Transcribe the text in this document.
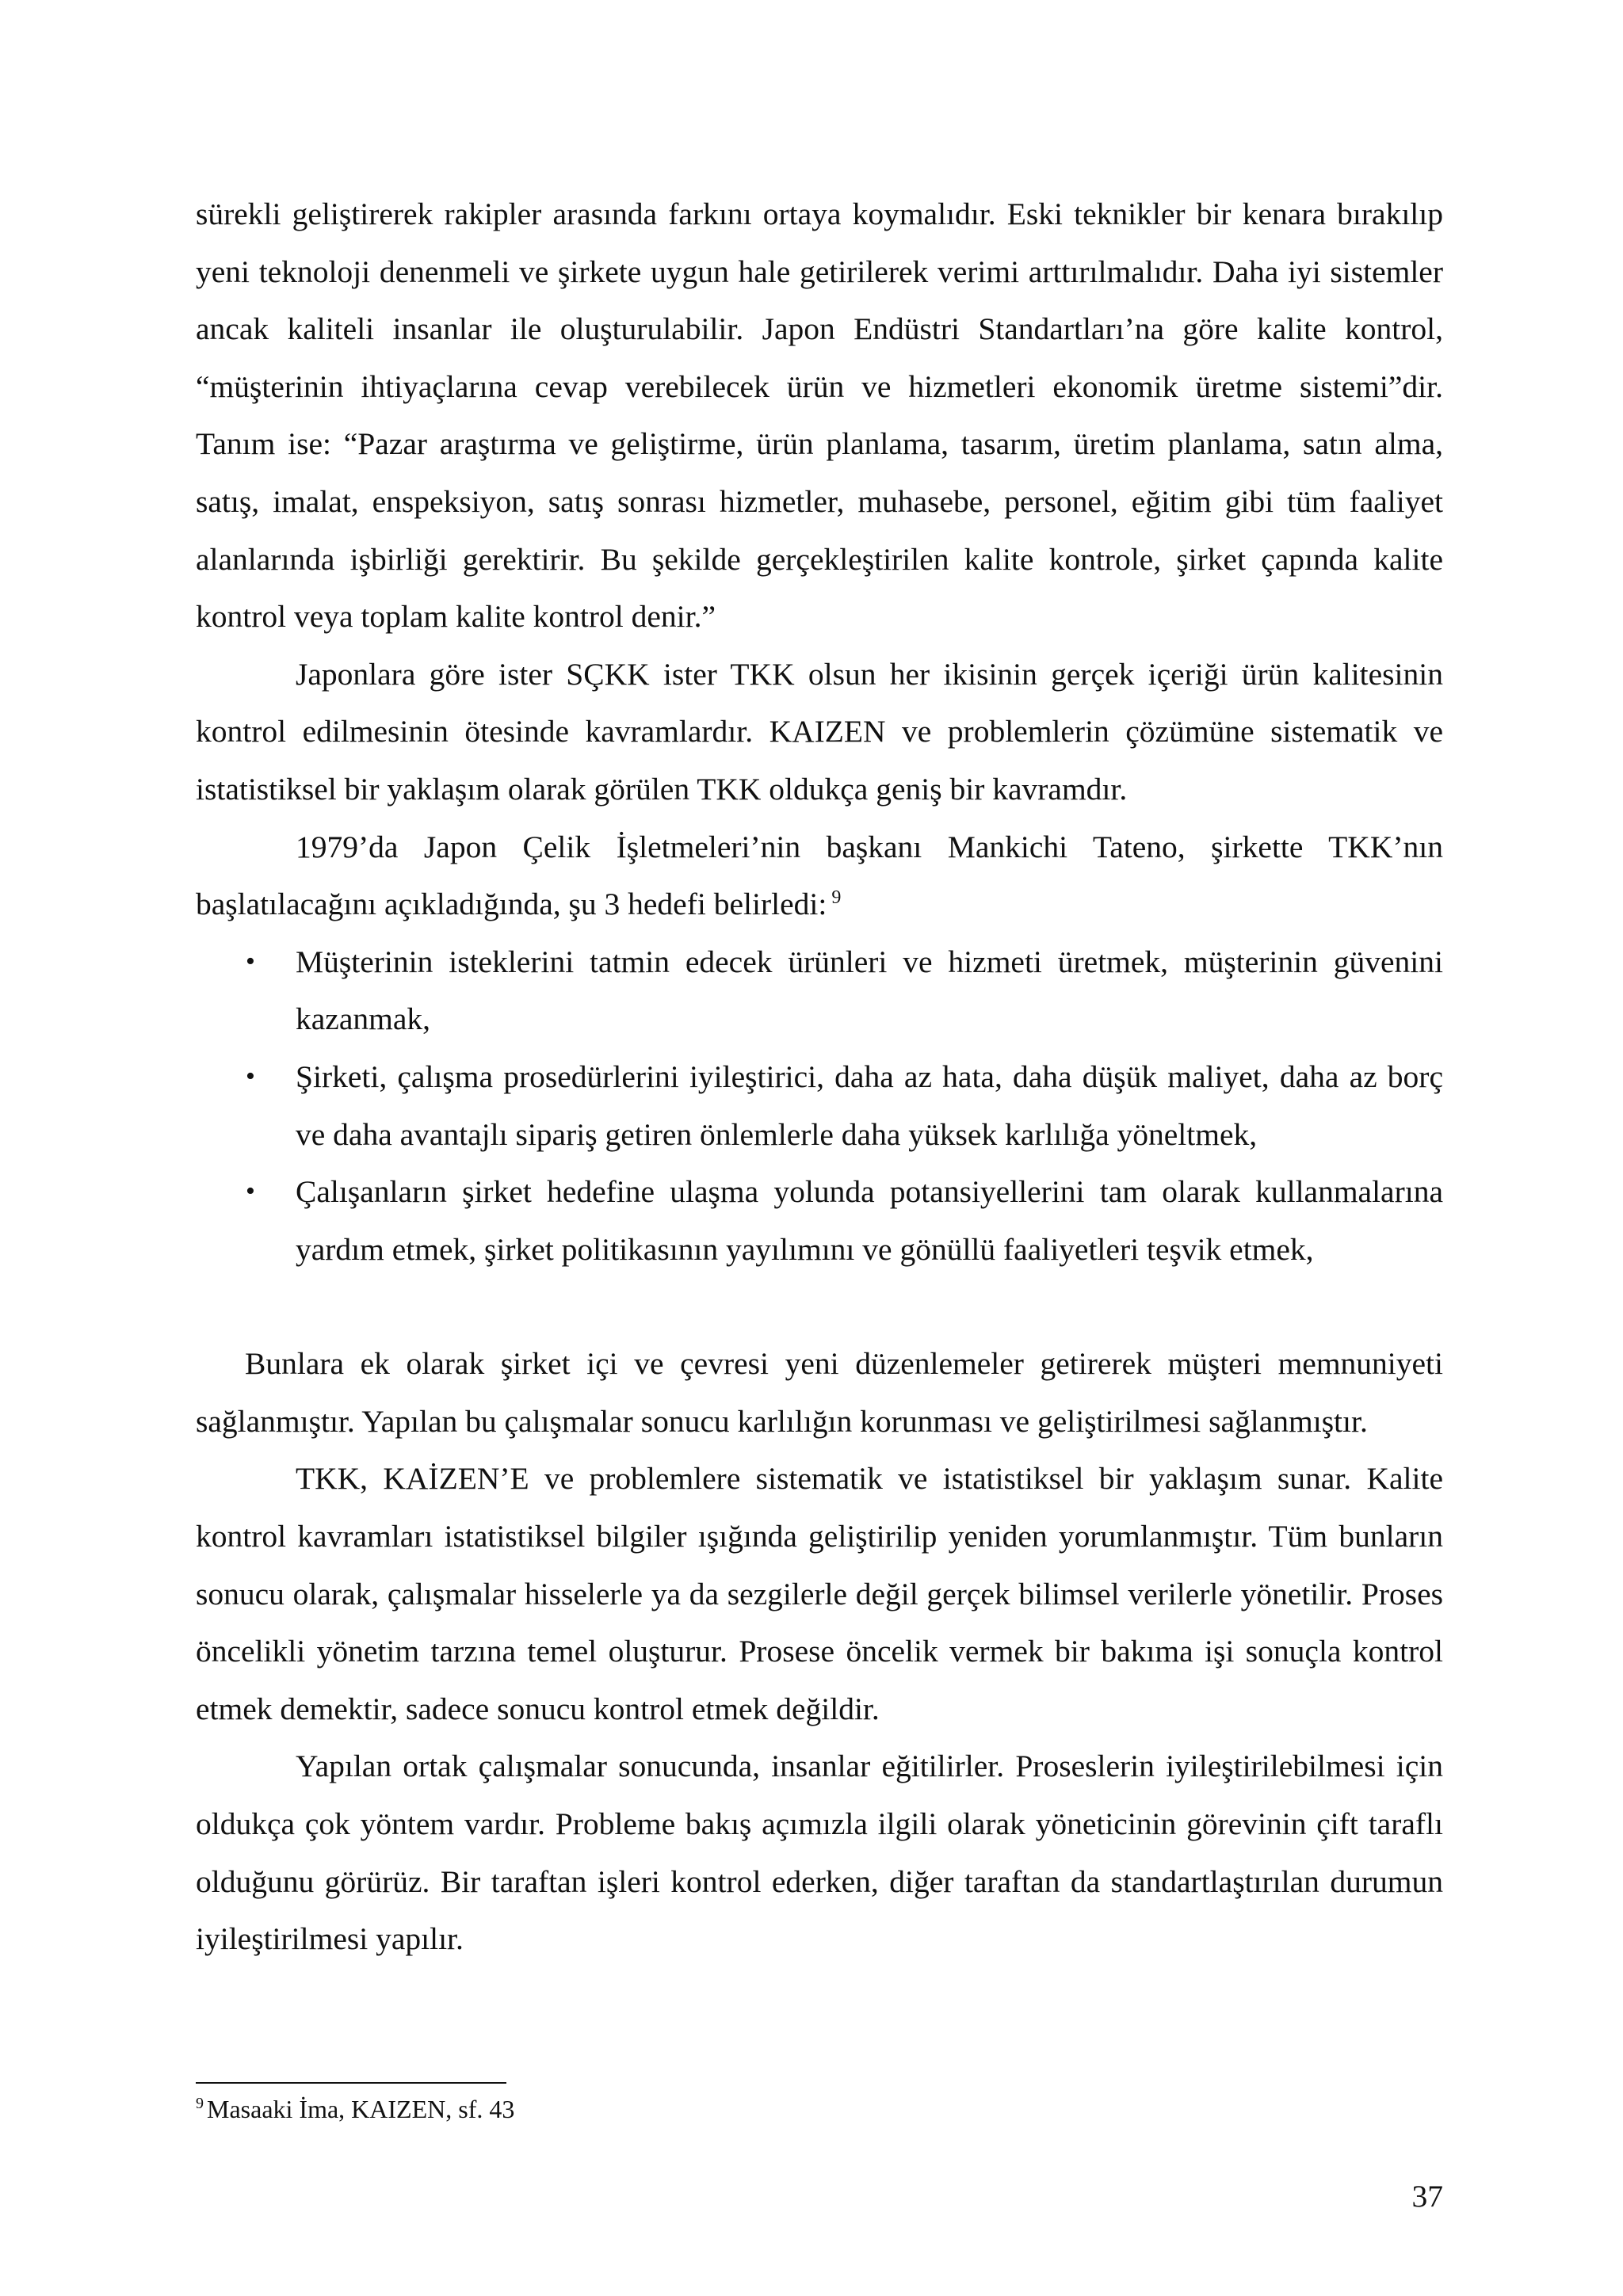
sürekli geliştirerek rakipler arasında farkını ortaya koymalıdır. Eski teknikler bir kenara bırakılıp yeni teknoloji denenmeli ve şirkete uygun hale getirilerek verimi arttırılmalıdır. Daha iyi sistemler ancak kaliteli insanlar ile oluşturulabilir. Japon Endüstri Standartları’na göre kalite kontrol, “müşterinin ihtiyaçlarına cevap verebilecek ürün ve hizmetleri ekonomik üretme sistemi”dir. Tanım ise: “Pazar araştırma ve geliştirme, ürün planlama, tasarım, üretim planlama, satın alma, satış, imalat, enspeksiyon, satış sonrası hizmetler, muhasebe, personel, eğitim gibi tüm faaliyet alanlarında işbirliği gerektirir. Bu şekilde gerçekleştirilen kalite kontrole, şirket çapında kalite kontrol veya toplam kalite kontrol denir.”

Japonlara göre ister SÇKK ister TKK olsun her ikisinin gerçek içeriği ürün kalitesinin kontrol edilmesinin ötesinde kavramlardır. KAIZEN ve problemlerin çözümüne sistematik ve istatistiksel bir yaklaşım olarak görülen TKK oldukça geniş bir kavramdır.

1979’da Japon Çelik İşletmeleri’nin başkanı Mankichi Tateno, şirkette TKK’nın başlatılacağını açıkladığında, şu 3 hedefi belirledi: $^9$

• Müşterinin isteklerini tatmin edecek ürünleri ve hizmeti üretmek, müşterinin güvenini kazanmak,
• Şirketi, çalışma prosedürlerini iyileştirici, daha az hata, daha düşük maliyet, daha az borç ve daha avantajlı sipariş getiren önlemlerle daha yüksek karlılığa yöneltmek,
• Çalışanların şirket hedefine ulaşma yolunda potansiyellerini tam olarak kullanmalarına yardım etmek, şirket politikasının yayılımını ve gönüllü faaliyetleri teşvik etmek,

Bunlara ek olarak şirket içi ve çevresi yeni düzenlemeler getirerek müşteri memnuniyeti sağlanmıştır. Yapılan bu çalışmalar sonucu karlılığın korunması ve geliştirilmesi sağlanmıştır.

TKK, KAİZEN’E ve problemlere sistematik ve istatistiksel bir yaklaşım sunar. Kalite kontrol kavramları istatistiksel bilgiler ışığında geliştirilip yeniden yorumlanmıştır. Tüm bunların sonucu olarak, çalışmalar hisselerle ya da sezgilerle değil gerçek bilimsel verilerle yönetilir. Proses öncelikli yönetim tarzına temel oluşturur. Prosese öncelik vermek bir bakıma işi sonuçla kontrol etmek demektir, sadece sonucu kontrol etmek değildir.

Yapılan ortak çalışmalar sonucunda, insanlar eğitilirler. Proseslerin iyileştirilebilmesi için oldukça çok yöntem vardır. Probleme bakış açımızla ilgili olarak yöneticinin görevinin çift taraflı olduğunu görürüz. Bir taraftan işleri kontrol ederken, diğer taraftan da standartlaştırılan durumun iyileştirilmesi yapılır.

$^9$ Masaaki İma, KAIZEN, sf. 43
37
